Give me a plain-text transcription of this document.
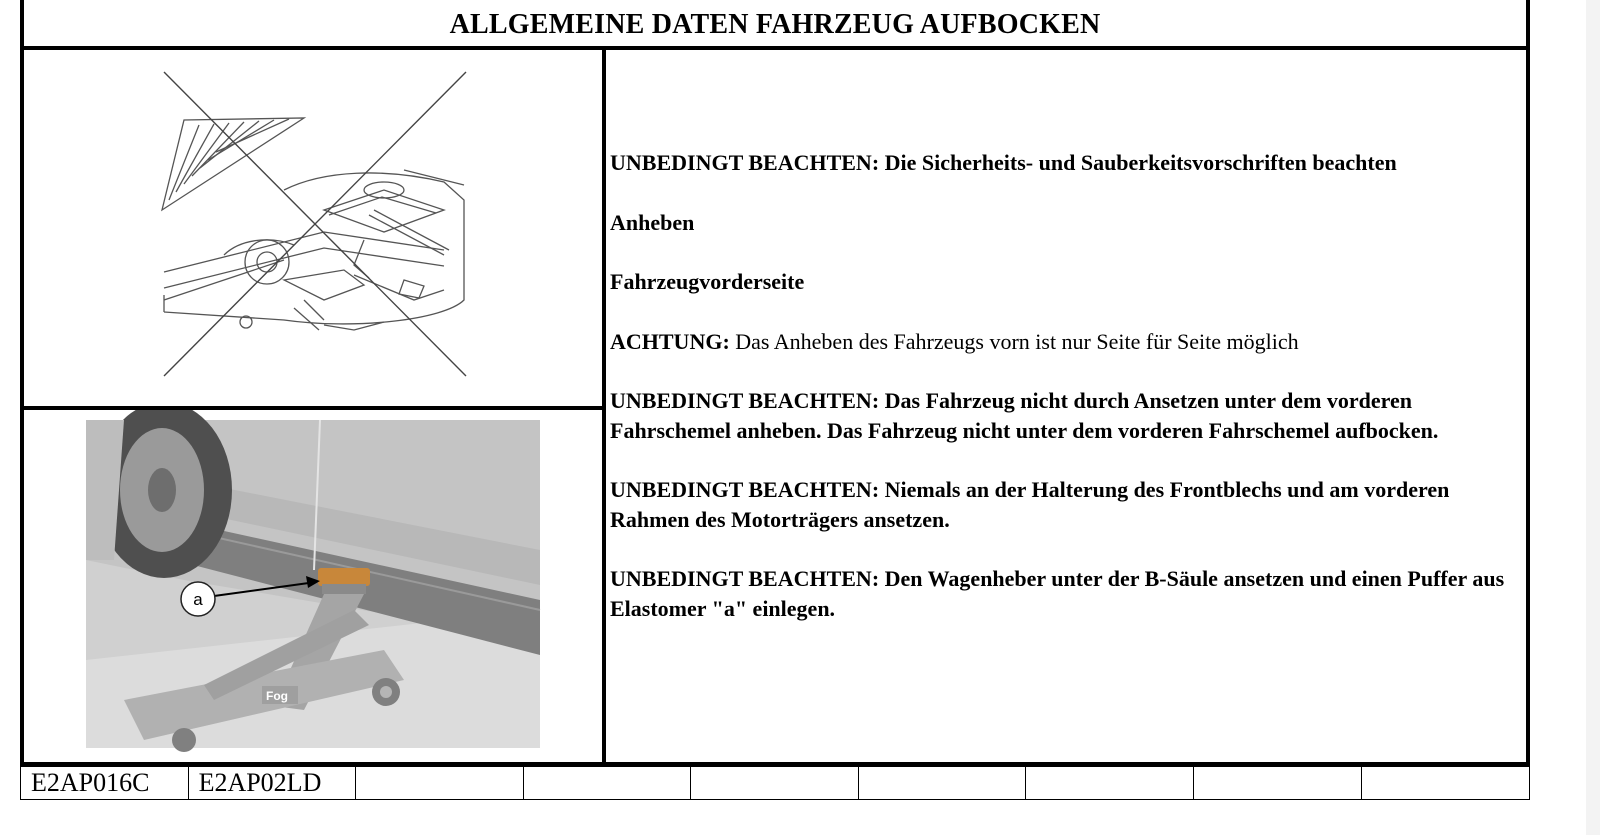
ALLGEMEINE DATEN FAHRZEUG AUFBOCKEN
Fog
a

UNBEDINGT BEACHTEN: Die Sicherheits- und Sauberkeitsvorschriften beachten

Anheben

Fahrzeugvorderseite

ACHTUNG: Das Anheben des Fahrzeugs vorn ist nur Seite für Seite möglich

UNBEDINGT BEACHTEN: Das Fahrzeug nicht durch Ansetzen unter dem vorderen Fahrschemel anheben. Das Fahrzeug nicht unter dem vorderen Fahrschemel aufbocken.

UNBEDINGT BEACHTEN: Niemals an der Halterung des Frontblechs und am vorderen Rahmen des Motorträgers ansetzen.

UNBEDINGT BEACHTEN: Den Wagenheber unter der B-Säule ansetzen und einen Puffer aus Elastomer "a" einlegen.

E2AP016C	E2AP02LD
